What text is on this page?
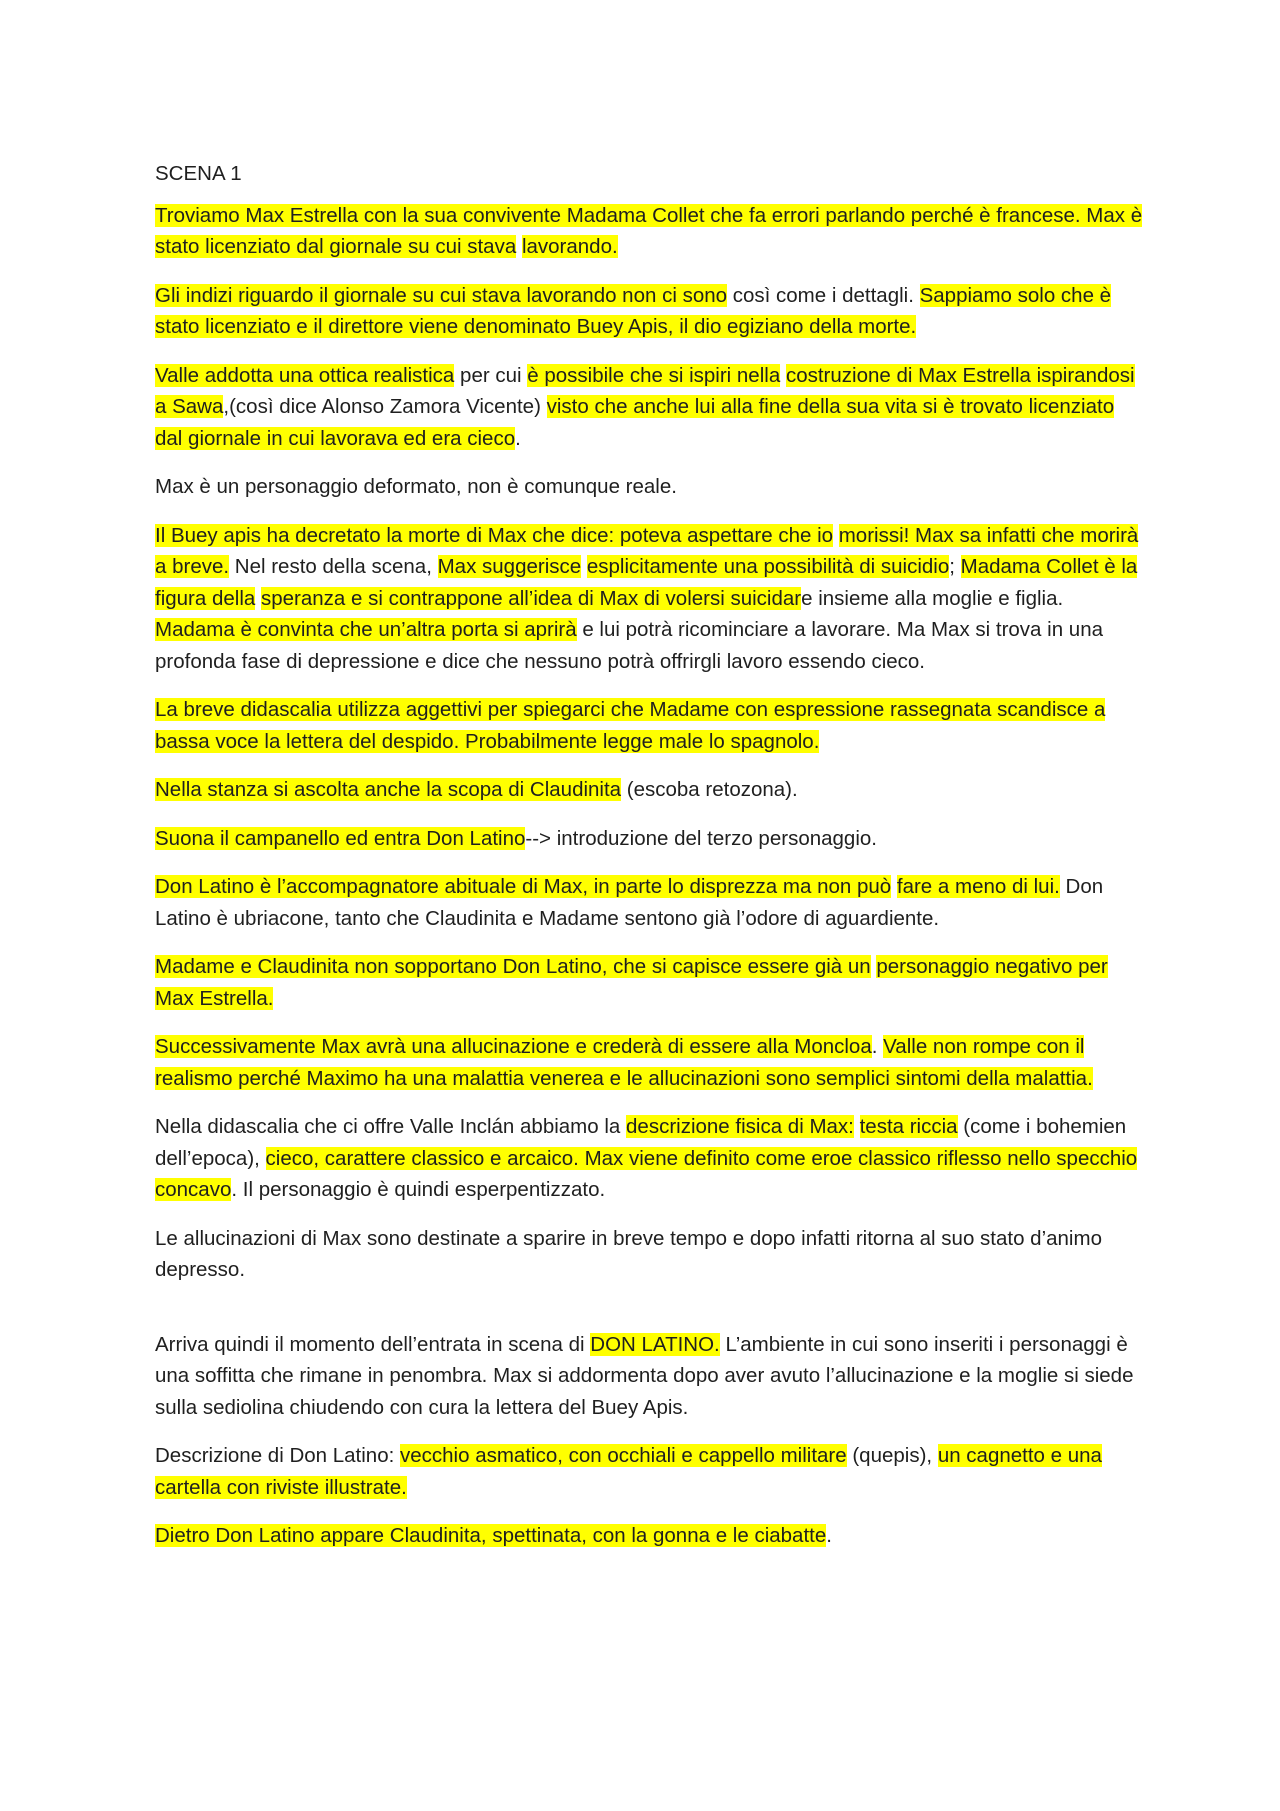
SCENA 1

Troviamo Max Estrella con la sua convivente Madama Collet che fa errori parlando perché è francese. Max è stato licenziato dal giornale su cui stava lavorando.

Gli indizi riguardo il giornale su cui stava lavorando non ci sono così come i dettagli. Sappiamo solo che è stato licenziato e il direttore viene denominato Buey Apis, il dio egiziano della morte.

Valle addotta una ottica realistica per cui è possibile che si ispiri nella costruzione di Max Estrella ispirandosi a Sawa,(così dice Alonso Zamora Vicente) visto che anche lui alla fine della sua vita si è trovato licenziato dal giornale in cui lavorava ed era cieco.

Max è un personaggio deformato, non è comunque reale.

Il Buey apis ha decretato la morte di Max che dice: poteva aspettare che io morissi! Max sa infatti che morirà a breve. Nel resto della scena, Max suggerisce esplicitamente una possibilità di suicidio; Madama Collet è la figura della speranza e si contrappone all’idea di Max di volersi suicidare insieme alla moglie e figlia. Madama è convinta che un’altra porta si aprirà e lui potrà ricominciare a lavorare. Ma Max si trova in una profonda fase di depressione e dice che nessuno potrà offrirgli lavoro essendo cieco.

La breve didascalia utilizza aggettivi per spiegarci che Madame con espressione rassegnata scandisce a bassa voce la lettera del despido. Probabilmente legge male lo spagnolo.

Nella stanza si ascolta anche la scopa di Claudinita (escoba retozona).

Suona il campanello ed entra Don Latino--> introduzione del terzo personaggio.

Don Latino è l’accompagnatore abituale di Max, in parte lo disprezza ma non può fare a meno di lui. Don Latino è ubriacone, tanto che Claudinita e Madame sentono già l’odore di aguardiente.

Madame e Claudinita non sopportano Don Latino, che si capisce essere già un personaggio negativo per Max Estrella.

Successivamente Max avrà una allucinazione e crederà di essere alla Moncloa. Valle non rompe con il realismo perché Maximo ha una malattia venerea e le allucinazioni sono semplici sintomi della malattia.

Nella didascalia che ci offre Valle Inclán abbiamo la descrizione fisica di Max: testa riccia (come i bohemien dell’epoca), cieco, carattere classico e arcaico. Max viene definito come eroe classico riflesso nello specchio concavo. Il personaggio è quindi esperpentizzato.

Le allucinazioni di Max sono destinate a sparire in breve tempo e dopo infatti ritorna al suo stato d’animo depresso.

Arriva quindi il momento dell’entrata in scena di DON LATINO. L’ambiente in cui sono inseriti i personaggi è una soffitta che rimane in penombra. Max si addormenta dopo aver avuto l’allucinazione e la moglie si siede sulla sediolina chiudendo con cura la lettera del Buey Apis.

Descrizione di Don Latino: vecchio asmatico, con occhiali e cappello militare (quepis), un cagnetto e una cartella con riviste illustrate.

Dietro Don Latino appare Claudinita, spettinata, con la gonna e le ciabatte.
